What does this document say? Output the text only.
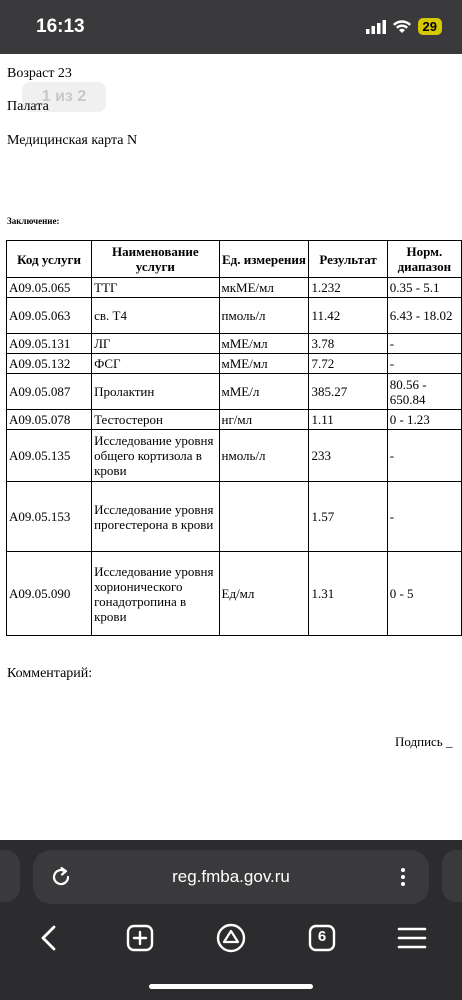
16:13	29
Возраст 23
1 из 2
Палата
Медицинская карта N
Заключение:
Код услуги	Наименование услуги	Ед. измерения	Результат	Норм. диапазон
A09.05.065	ТТГ	мкМЕ/мл	1.232	0.35 - 5.1
A09.05.063	св. Т4	пмоль/л	11.42	6.43 - 18.02
A09.05.131	ЛГ	мМЕ/мл	3.78	-
A09.05.132	ФСГ	мМЕ/мл	7.72	-
A09.05.087	Пролактин	мМЕ/л	385.27	80.56 - 650.84
A09.05.078	Тестостерон	нг/мл	1.11	0 - 1.23
A09.05.135	Исследование уровня общего кортизола в крови	нмоль/л	233	-
A09.05.153	Исследование уровня прогестерона в крови		1.57	-
A09.05.090	Исследование уровня хорионического гонадотропина в крови	Ед/мл	1.31	0 - 5
Комментарий:
Подпись _
reg.fmba.gov.ru
6
